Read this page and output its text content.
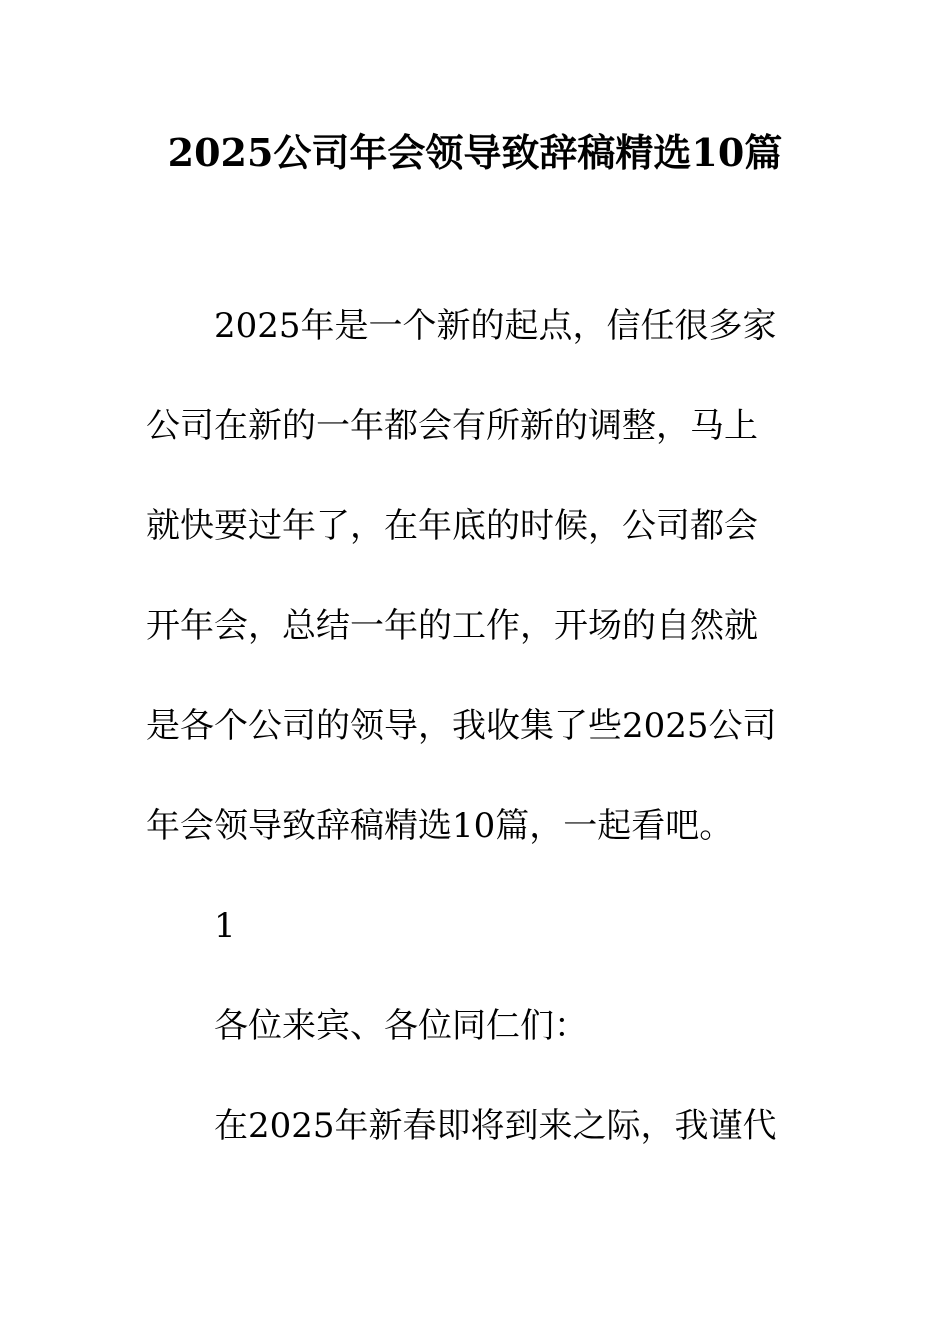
2025公司年会领导致辞稿精选10篇
2025年是一个新的起点，信任很多家
公司在新的一年都会有所新的调整，马上
就快要过年了，在年底的时候，公司都会
开年会，总结一年的工作，开场的自然就
是各个公司的领导，我收集了些2025公司
年会领导致辞稿精选10篇，一起看吧。
1
各位来宾、各位同仁们：
在2025年新春即将到来之际，我谨代
